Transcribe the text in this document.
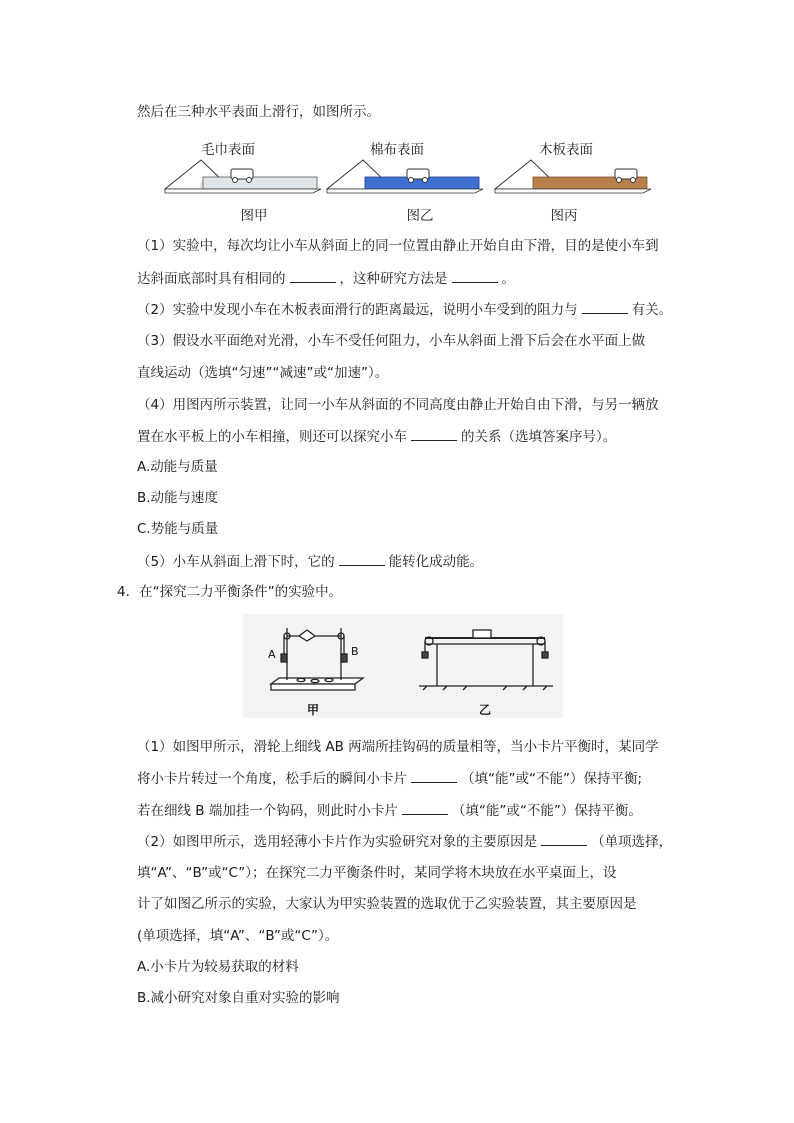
然后在三种水平表面上滑行，如图所示。
毛巾表面	棉布表面	木板表面
图甲	图乙	图丙
（1）实验中，每次均让小车从斜面上的同一位置由静止开始自由下滑，目的是使小车到
达斜面底部时具有相同的	，这种研究方法是	。
（2）实验中发现小车在木板表面滑行的距离最远，说明小车受到的阻力与	有关。
（3）假设水平面绝对光滑，小车不受任何阻力，小车从斜面上滑下后会在水平面上做
直线运动（选填“匀速”“减速”或“加速”）。
（4）用图丙所示装置，让同一小车从斜面的不同高度由静止开始自由下滑，与另一辆放
置在水平板上的小车相撞，则还可以探究小车	的关系（选填答案序号）。
A.动能与质量
B.动能与速度
C.势能与质量
（5）小车从斜面上滑下时，它的	能转化成动能。
4．在“探究二力平衡条件”的实验中。
A	B
甲	乙
（1）如图甲所示，滑轮上细线 AB 两端所挂钩码的质量相等，当小卡片平衡时，某同学
将小卡片转过一个角度，松手后的瞬间小卡片	（填“能”或“不能”）保持平衡;
若在细线 B 端加挂一个钩码，则此时小卡片	（填“能”或“不能”）保持平衡。
（2）如图甲所示，选用轻薄小卡片作为实验研究对象的主要原因是	（单项选择，
填“A”、“B”或“C”）；在探究二力平衡条件时，某同学将木块放在水平桌面上，设
计了如图乙所示的实验，大家认为甲实验装置的选取优于乙实验装置，其主要原因是
(单项选择，填“A”、“B”或“C”）。
A.小卡片为较易获取的材料
B.减小研究对象自重对实验的影响
